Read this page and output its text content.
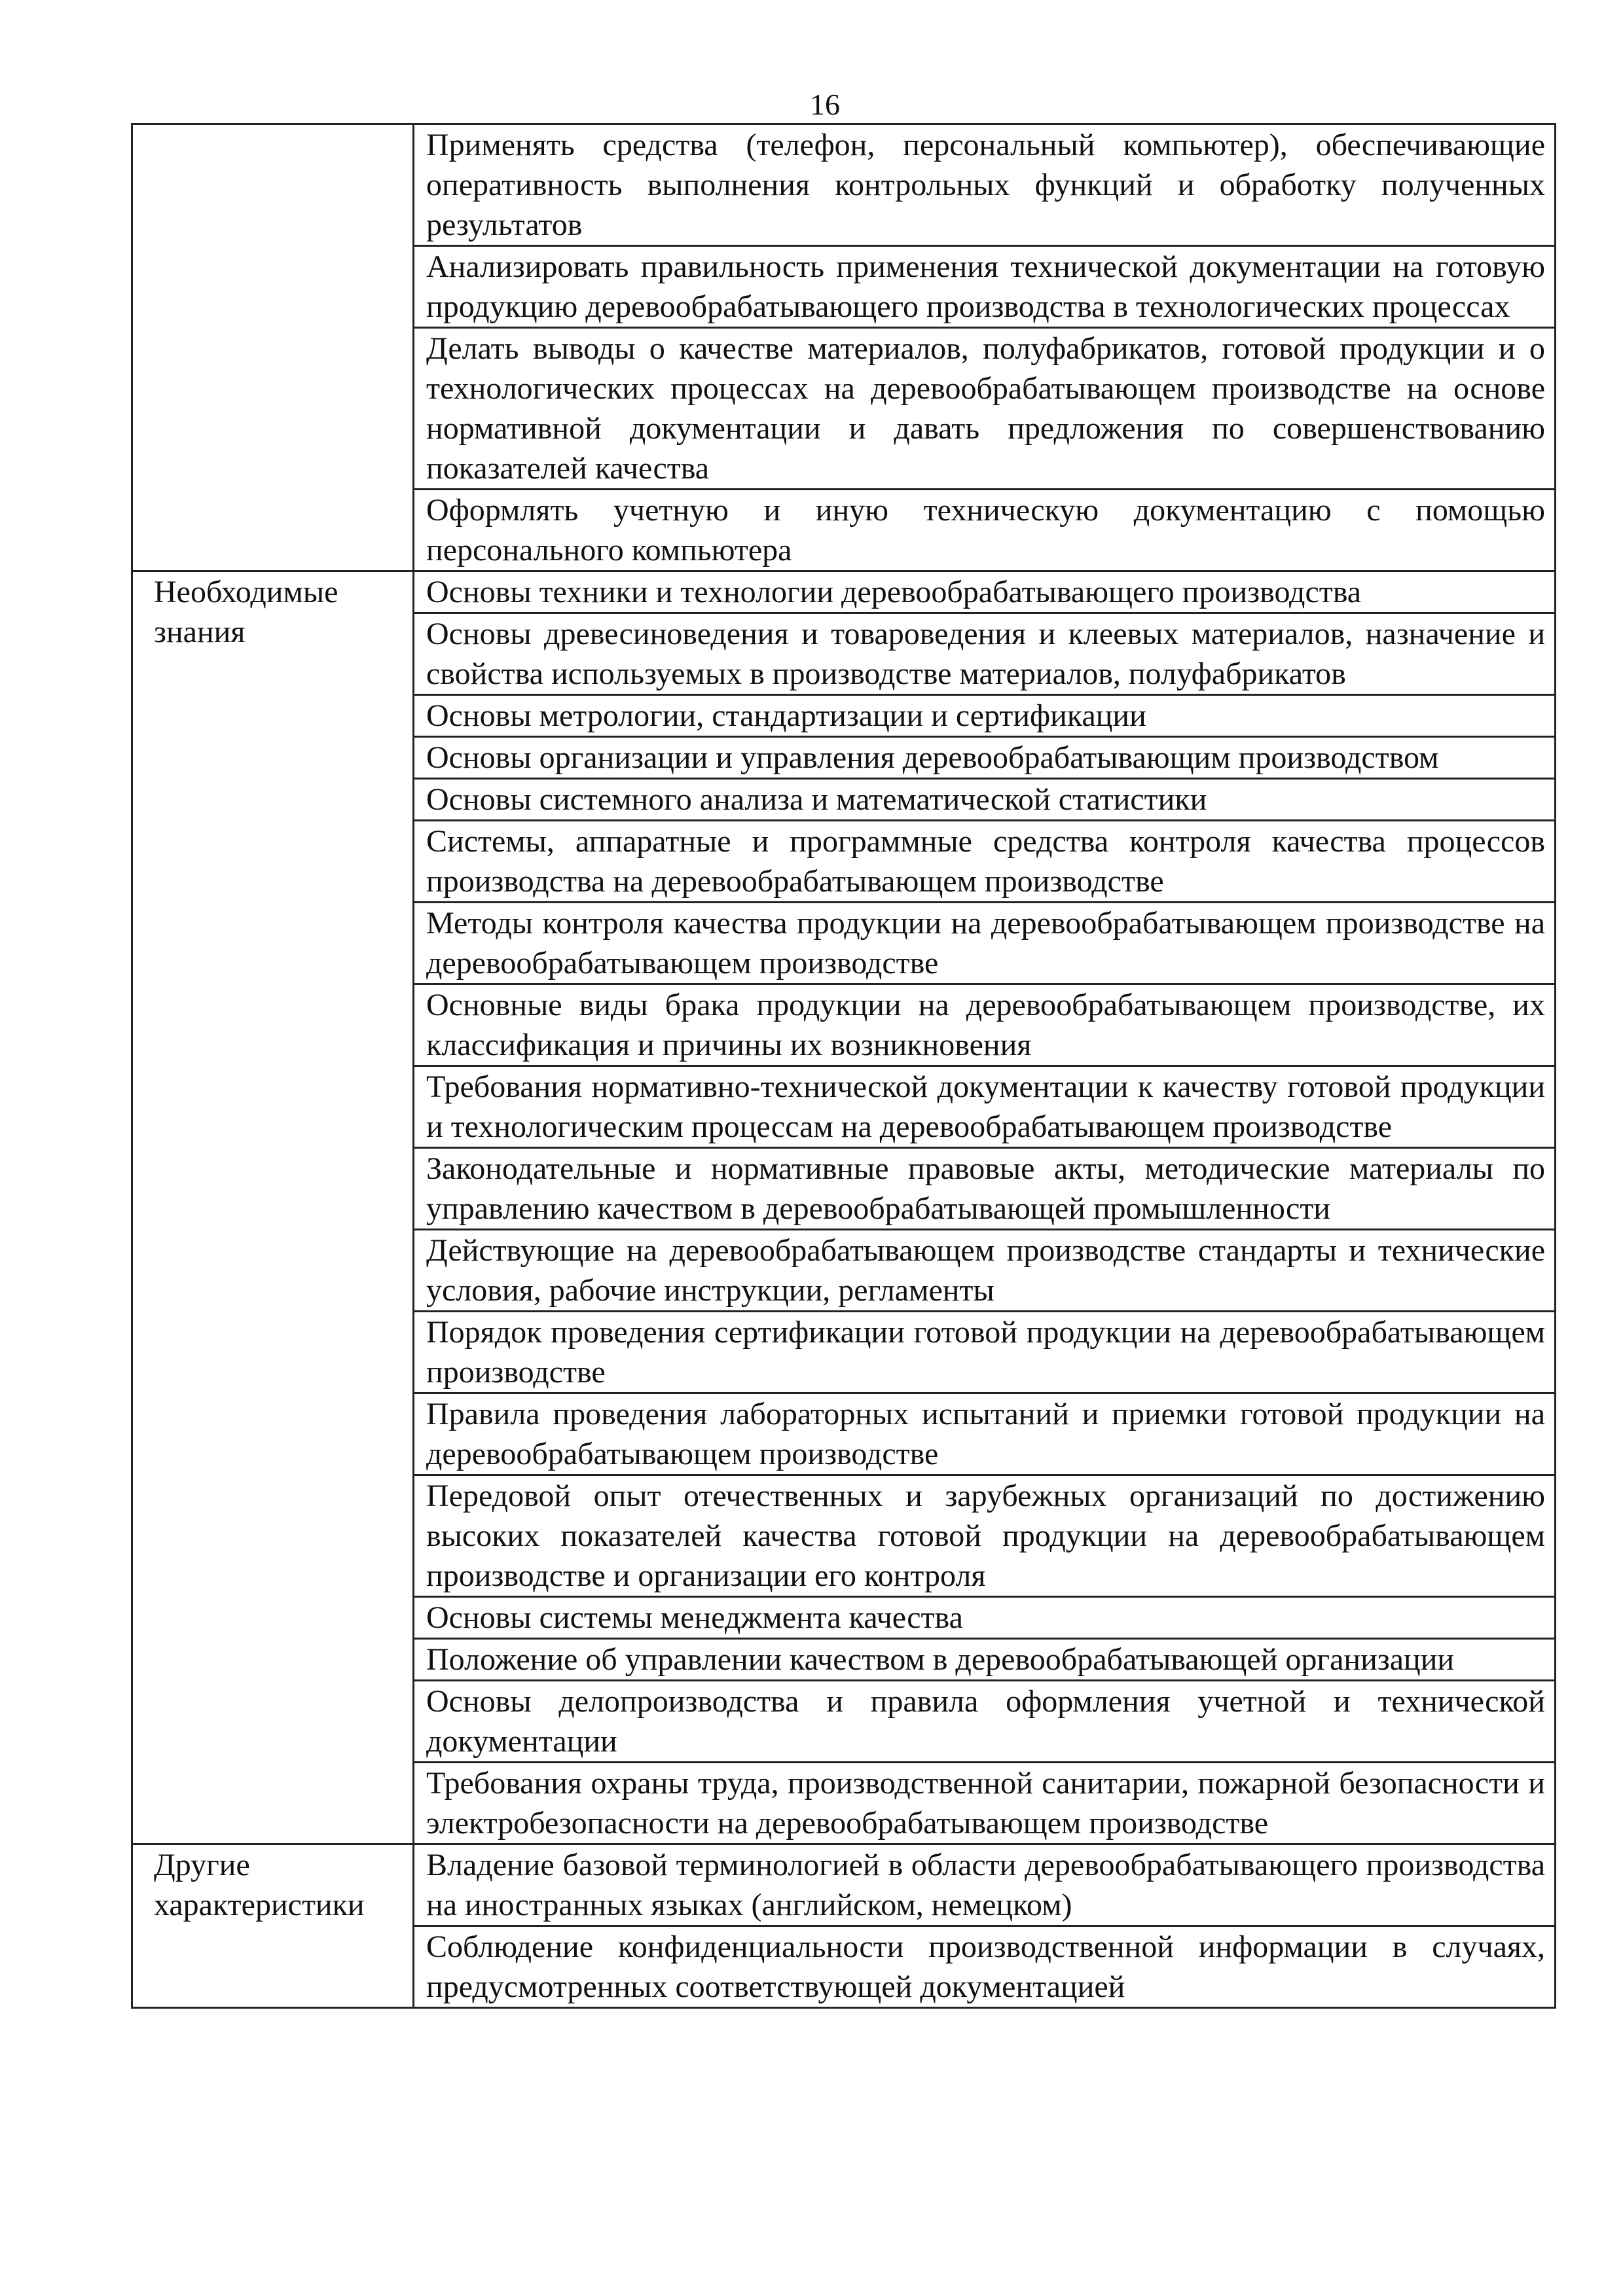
16
	Применять средства (телефон, персональный компьютер), обеспечивающие оперативность выполнения контрольных функций и обработку полученных результатов
	Анализировать правильность применения технической документации на готовую продукцию деревообрабатывающего производства в технологических процессах
	Делать выводы о качестве материалов, полуфабрикатов, готовой продукции и о технологических процессах на деревообрабатывающем производстве на основе нормативной документации и давать предложения по совершенствованию показателей качества
	Оформлять учетную и иную техническую документацию с помощью персонального компьютера
Необходимые знания	Основы техники и технологии деревообрабатывающего производства
	Основы древесиноведения и товароведения и клеевых материалов, назначение и свойства используемых в производстве материалов, полуфабрикатов
	Основы метрологии, стандартизации и сертификации
	Основы организации и управления деревообрабатывающим производством
	Основы системного анализа и математической статистики
	Системы, аппаратные и программные средства контроля качества процессов производства на деревообрабатывающем производстве
	Методы контроля качества продукции на деревообрабатывающем производстве на деревообрабатывающем производстве
	Основные виды брака продукции на деревообрабатывающем производстве, их классификация и причины их возникновения
	Требования нормативно-технической документации к качеству готовой продукции и технологическим процессам на деревообрабатывающем производстве
	Законодательные и нормативные правовые акты, методические материалы по управлению качеством в деревообрабатывающей промышленности
	Действующие на деревообрабатывающем производстве стандарты и технические условия, рабочие инструкции, регламенты
	Порядок проведения сертификации готовой продукции на деревообрабатывающем производстве
	Правила проведения лабораторных испытаний и приемки готовой продукции на деревообрабатывающем производстве
	Передовой опыт отечественных и зарубежных организаций по достижению высоких показателей качества готовой продукции на деревообрабатывающем производстве и организации его контроля
	Основы системы менеджмента качества
	Положение об управлении качеством в деревообрабатывающей организации
	Основы делопроизводства и правила оформления учетной и технической документации
	Требования охраны труда, производственной санитарии, пожарной безопасности и электробезопасности на деревообрабатывающем производстве
Другие характеристики	Владение базовой терминологией в области деревообрабатывающего производства на иностранных языках (английском, немецком)
	Соблюдение конфиденциальности производственной информации в случаях, предусмотренных соответствующей документацией
